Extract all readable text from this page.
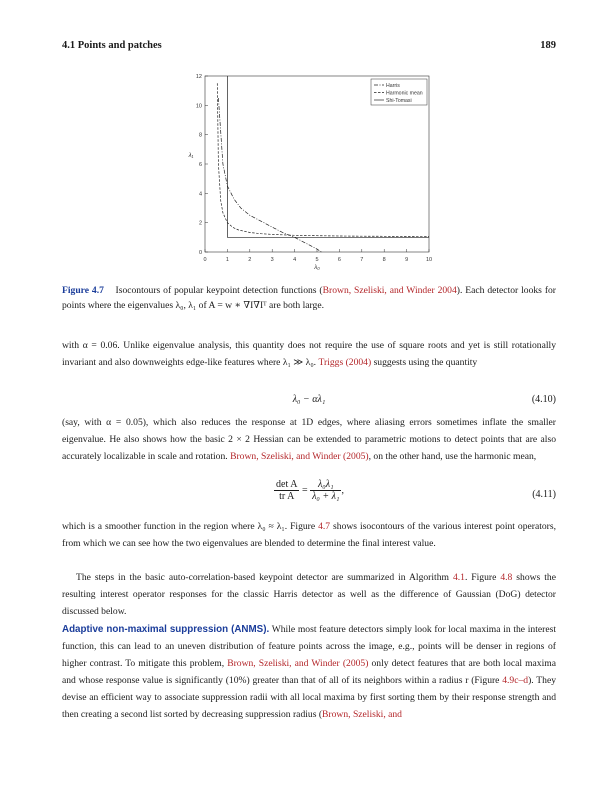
4.1 Points and patches	189
0	1	2	3	4	5	6	7	8	9	10
0
2
4
6
8
10
12
λ₀
λ₁
Harris
Harmonic mean
Shi-Tomasi
Figure 4.7 Isocontours of popular keypoint detection functions (Brown, Szeliski, and Winder 2004). Each detector looks for points where the eigenvalues λ₀, λ₁ of A = w ∗ ∇I∇Iᵀ are both large.
with α = 0.06. Unlike eigenvalue analysis, this quantity does not require the use of square roots and yet is still rotationally invariant and also downweights edge-like features where λ₁ ≫ λ₀. Triggs (2004) suggests using the quantity
λ₀ − αλ₁	(4.10)
(say, with α = 0.05), which also reduces the response at 1D edges, where aliasing errors sometimes inflate the smaller eigenvalue. He also shows how the basic 2 × 2 Hessian can be extended to parametric motions to detect points that are also accurately localizable in scale and rotation. Brown, Szeliski, and Winder (2005), on the other hand, use the harmonic mean,
$\frac{\text{det A}}{\text{tr A}} = \frac{\text{λ₀λ₁}}{\text{λ₀ + λ₁}}$ ,	(4.11)
which is a smoother function in the region where λ₀ ≈ λ₁. Figure 4.7 shows isocontours of the various interest point operators, from which we can see how the two eigenvalues are blended to determine the final interest value.
The steps in the basic auto-correlation-based keypoint detector are summarized in Algorithm 4.1. Figure 4.8 shows the resulting interest operator responses for the classic Harris detector as well as the difference of Gaussian (DoG) detector discussed below.
Adaptive non-maximal suppression (ANMS). While most feature detectors simply look for local maxima in the interest function, this can lead to an uneven distribution of feature points across the image, e.g., points will be denser in regions of higher contrast. To mitigate this problem, Brown, Szeliski, and Winder (2005) only detect features that are both local maxima and whose response value is significantly (10%) greater than that of all of its neighbors within a radius r (Figure 4.9c–d). They devise an efficient way to associate suppression radii with all local maxima by first sorting them by their response strength and then creating a second list sorted by decreasing suppression radius (Brown, Szeliski, and
